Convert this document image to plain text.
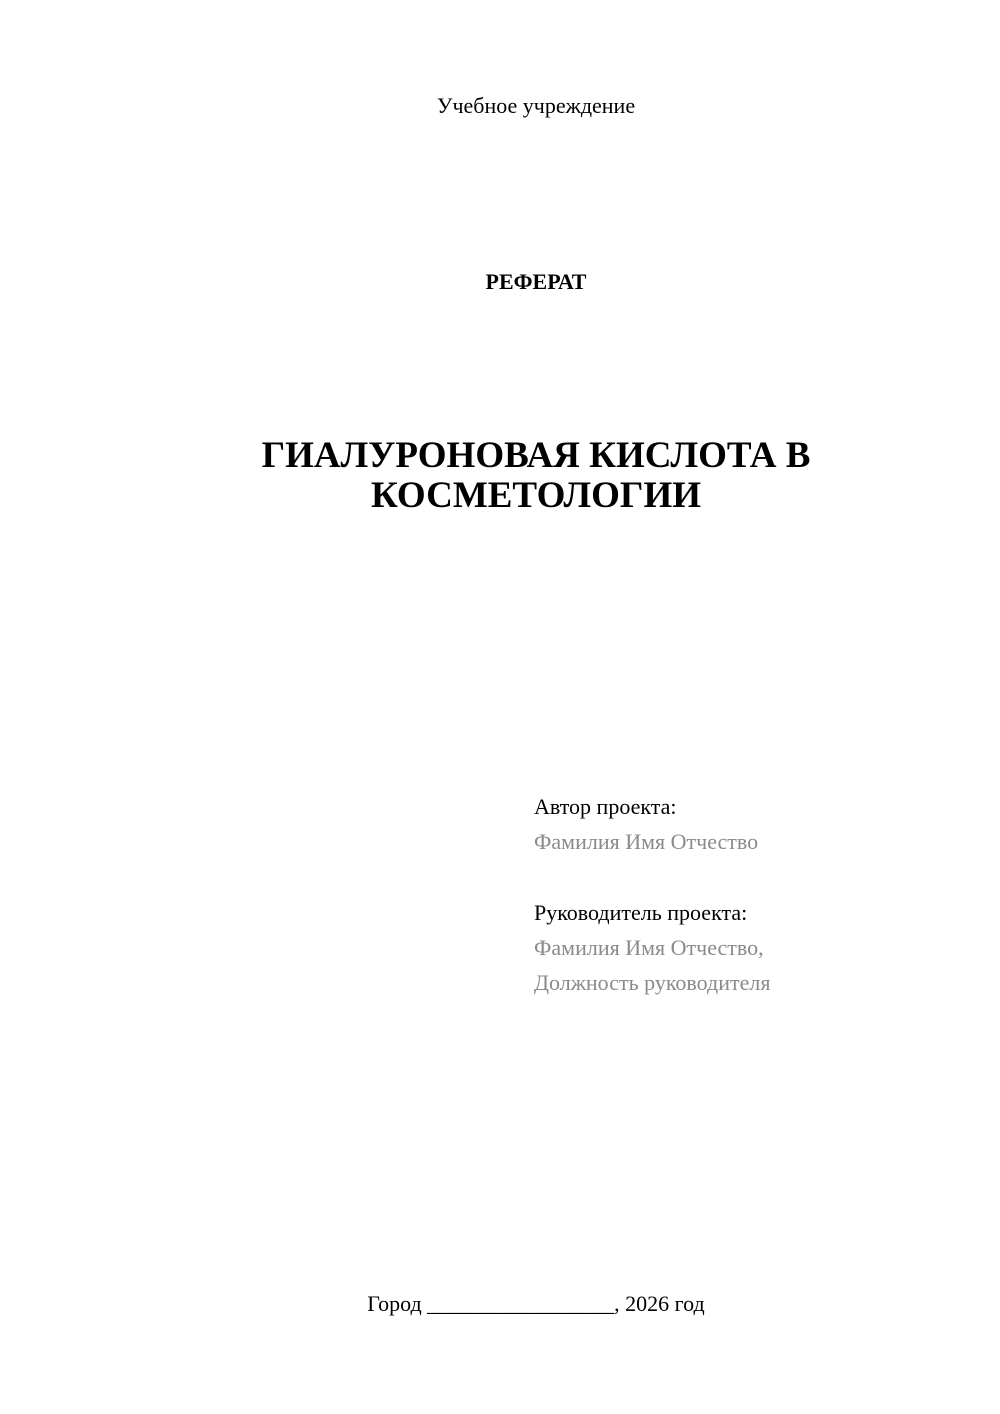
Учебное учреждение
РЕФЕРАТ
ГИАЛУРОНОВАЯ КИСЛОТА В
КОСМЕТОЛОГИИ
Автор проекта:
Фамилия Имя Отчество
Руководитель проекта:
Фамилия Имя Отчество,
Должность руководителя
Город _________________, 2026 год
